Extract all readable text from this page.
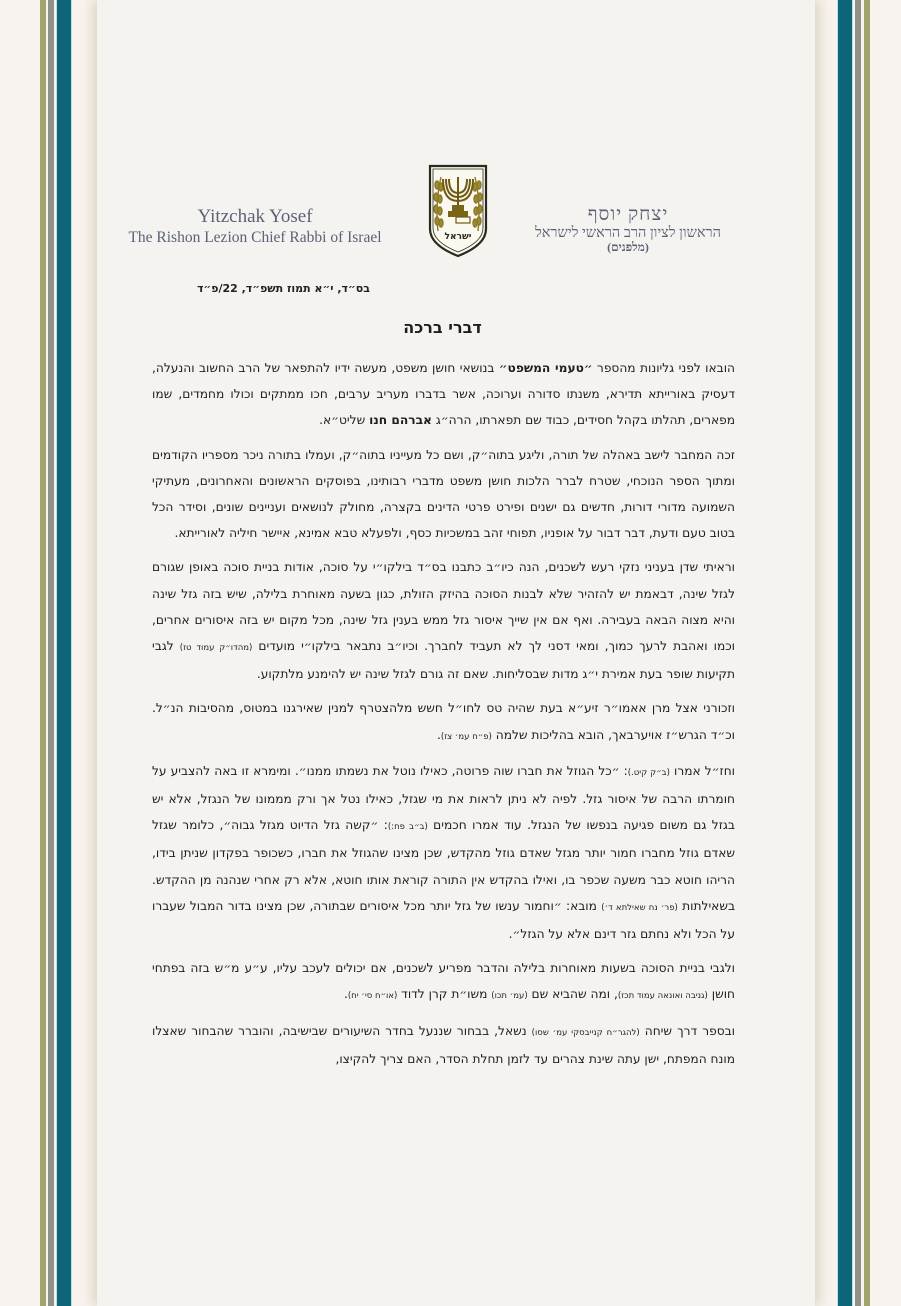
Yitzchak Yosef
The Rishon Lezion Chief Rabbi of Israel	ישראל
יצחק יוסף
הראשון לציון הרב הראשי לישראל
(מלפנים)
בס״ד, י״א תמוז תשפ״ד, 22/פ״ד
דברי ברכה

הובאו לפני גליונות מהספר ״טעמי המשפט״ בנושאי חושן משפט, מעשה ידיו להתפאר של הרב החשוב והנעלה, דעסיק באורייתא תדירא, משנתו סדורה וערוכה, אשר בדברו מעריב ערבים, חכו ממתקים וכולו מחמדים, שמו מפארים, תהלתו בקהל חסידים, כבוד שם תפארתו, הרה״ג אברהם חנו שליט״א.

זכה המחבר לישב באהלה של תורה, וליגע בתוה״ק, ושם כל מעייניו בתוה״ק, ועמלו בתורה ניכר מספריו הקודמים ומתוך הספר הנוכחי, שטרח לברר הלכות חושן משפט מדברי רבותינו, בפוסקים הראשונים והאחרונים, מעתיקי השמועה מדורי דורות, חדשים גם ישנים ופירט פרטי הדינים בקצרה, מחולק לנושאים ועניינים שונים, וסידר הכל בטוב טעם ודעת, דבר דבור על אופניו, תפוחי זהב במשכיות כסף, ולפעלא טבא אמינא, איישר חיליה לאורייתא.

וראיתי שדן בעניני נזקי רעש לשכנים, הנה כיו״ב כתבנו בס״ד בילקו״י על סוכה, אודות בניית סוכה באופן שגורם לגזל שינה, דבאמת יש להזהיר שלא לבנות הסוכה בהיזק הזולת, כגון בשעה מאוחרת בלילה, שיש בזה גזל שינה והיא מצוה הבאה בעבירה. ואף אם אין שייך איסור גזל ממש בענין גזל שינה, מכל מקום יש בזה איסורים אחרים, וכמו ואהבת לרעך כמוך, ומאי דסני לך לא תעביד לחברך. וכיו״ב נתבאר בילקו״י מועדים (מהדו״ק עמוד טז) לגבי תקיעות שופר בעת אמירת י״ג מדות שבסליחות. שאם זה גורם לגזל שינה יש להימנע מלתקוע.

וזכורני אצל מרן אאמו״ר זיע״א בעת שהיה טס לחו״ל חשש מלהצטרף למנין שאירגנו במטוס, מהסיבות הנ״ל. וכ״ד הגרש״ז אויערבאך, הובא בהליכות שלמה (פ״ח עמ׳ צז).

וחז״ל אמרו (ב״ק קיט.): ״כל הגוזל את חברו שוה פרוטה, כאילו נוטל את נשמתו ממנו״. ומימרא זו באה להצביע על חומרתו הרבה של איסור גזל. לפיה לא ניתן לראות את מי שגזל, כאילו נטל אך ורק מממונו של הנגזל, אלא יש בגזל גם משום פגיעה בנפשו של הנגזל. עוד אמרו חכמים (ב״ב פח:): ״קשה גזל הדיוט מגזל גבוה״, כלומר שגזל שאדם גוזל מחברו חמור יותר מגזל שאדם גוזל מהקדש, שכן מצינו שהגוזל את חברו, כשכופר בפקדון שניתן בידו, הריהו חוטא כבר משעה שכפר בו, ואילו בהקדש אין התורה קוראת אותו חוטא, אלא רק אחרי שנהנה מן ההקדש. בשאילתות (פר׳ נח שאילתא ד׳) מובא: ״וחמור ענשו של גזל יותר מכל איסורים שבתורה, שכן מצינו בדור המבול שעברו על הכל ולא נחתם גזר דינם אלא על הגזל״.

ולגבי בניית הסוכה בשעות מאוחרות בלילה והדבר מפריע לשכנים, אם יכולים לעכב עליו, ע״ע מ״ש בזה בפתחי חושן (גניבה ואונאה עמוד תכז), ומה שהביא שם (עמ׳ תכו) משו״ת קרן לדוד (או״ח סי׳ יח).

ובספר דרך שיחה (להגר״ח קנייבסקי עמ׳ שסו) נשאל, בבחור שננעל בחדר השיעורים שבישיבה, והוברר שהבחור שאצלו מונח המפתח, ישן עתה שינת צהרים עד לזמן תחלת הסדר, האם צריך להקיצו,
